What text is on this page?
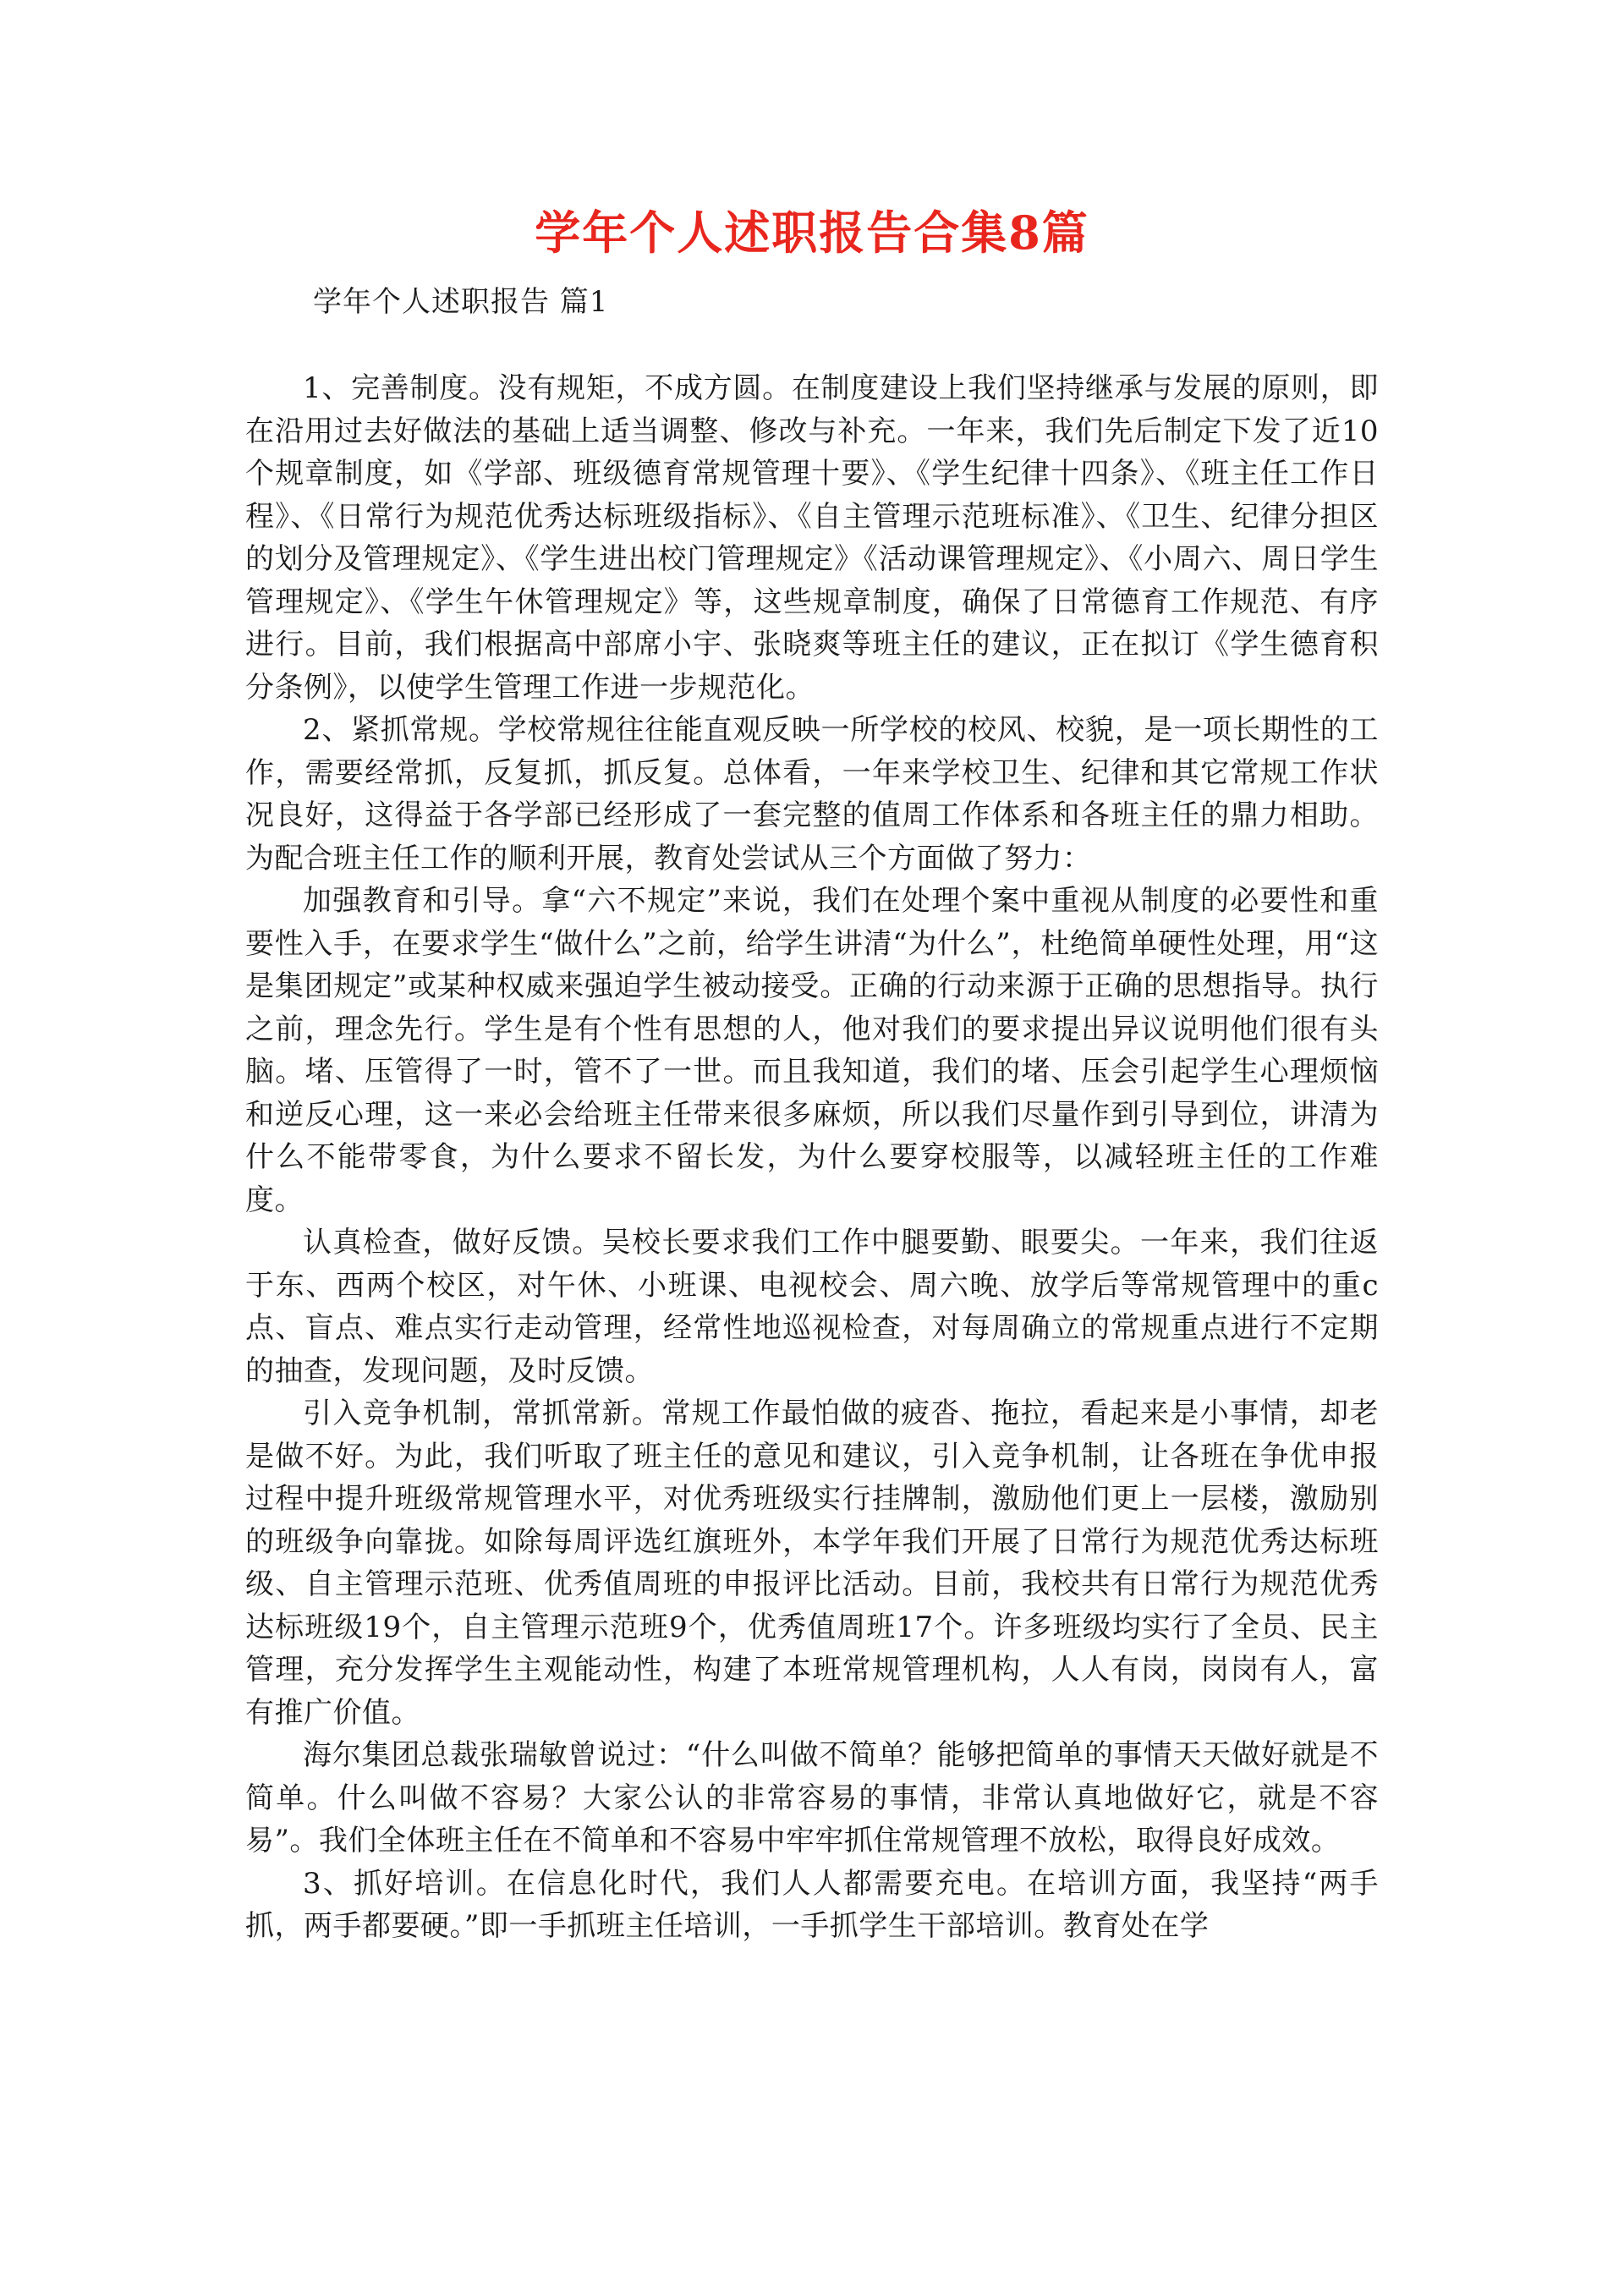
学年个人述职报告合集8篇
学年个人述职报告 篇1

1、完善制度。没有规矩，不成方圆。在制度建设上我们坚持继承与发展的原则，即在沿用过去好做法的基础上适当调整、修改与补充。一年来，我们先后制定下发了近10个规章制度，如《学部、班级德育常规管理十要》、《学生纪律十四条》、《班主任工作日程》、《日常行为规范优秀达标班级指标》、《自主管理示范班标准》、《卫生、纪律分担区的划分及管理规定》、《学生进出校门管理规定》《活动课管理规定》、《小周六、周日学生管理规定》、《学生午休管理规定》等，这些规章制度，确保了日常德育工作规范、有序进行。目前，我们根据高中部席小宇、张晓爽等班主任的建议，正在拟订《学生德育积分条例》，以使学生管理工作进一步规范化。

2、紧抓常规。学校常规往往能直观反映一所学校的校风、校貌，是一项长期性的工作，需要经常抓，反复抓，抓反复。总体看，一年来学校卫生、纪律和其它常规工作状况良好，这得益于各学部已经形成了一套完整的值周工作体系和各班主任的鼎力相助。为配合班主任工作的顺利开展，教育处尝试从三个方面做了努力：

加强教育和引导。拿“六不规定”来说，我们在处理个案中重视从制度的必要性和重要性入手，在要求学生“做什么”之前，给学生讲清“为什么”，杜绝简单硬性处理，用“这是集团规定”或某种权威来强迫学生被动接受。正确的行动来源于正确的思想指导。执行之前，理念先行。学生是有个性有思想的人，他对我们的要求提出异议说明他们很有头脑。堵、压管得了一时，管不了一世。而且我知道，我们的堵、压会引起学生心理烦恼和逆反心理，这一来必会给班主任带来很多麻烦，所以我们尽量作到引导到位，讲清为什么不能带零食，为什么要求不留长发，为什么要穿校服等，以减轻班主任的工作难度。

认真检查，做好反馈。吴校长要求我们工作中腿要勤、眼要尖。一年来，我们往返于东、西两个校区，对午休、小班课、电视校会、周六晚、放学后等常规管理中的重c点、盲点、难点实行走动管理，经常性地巡视检查，对每周确立的常规重点进行不定期的抽查，发现问题，及时反馈。

引入竞争机制，常抓常新。常规工作最怕做的疲沓、拖拉，看起来是小事情，却老是做不好。为此，我们听取了班主任的意见和建议，引入竞争机制，让各班在争优申报过程中提升班级常规管理水平，对优秀班级实行挂牌制，激励他们更上一层楼，激励别的班级争向靠拢。如除每周评选红旗班外，本学年我们开展了日常行为规范优秀达标班级、自主管理示范班、优秀值周班的申报评比活动。目前，我校共有日常行为规范优秀达标班级19个，自主管理示范班9个，优秀值周班17个。许多班级均实行了全员、民主管理，充分发挥学生主观能动性，构建了本班常规管理机构，人人有岗，岗岗有人，富有推广价值。

海尔集团总裁张瑞敏曾说过：“什么叫做不简单？能够把简单的事情天天做好就是不简单。什么叫做不容易？大家公认的非常容易的事情，非常认真地做好它，就是不容易”。我们全体班主任在不简单和不容易中牢牢抓住常规管理不放松，取得良好成效。

3、抓好培训。在信息化时代，我们人人都需要充电。在培训方面，我坚持“两手抓，两手都要硬。”即一手抓班主任培训，一手抓学生干部培训。教育处在学
